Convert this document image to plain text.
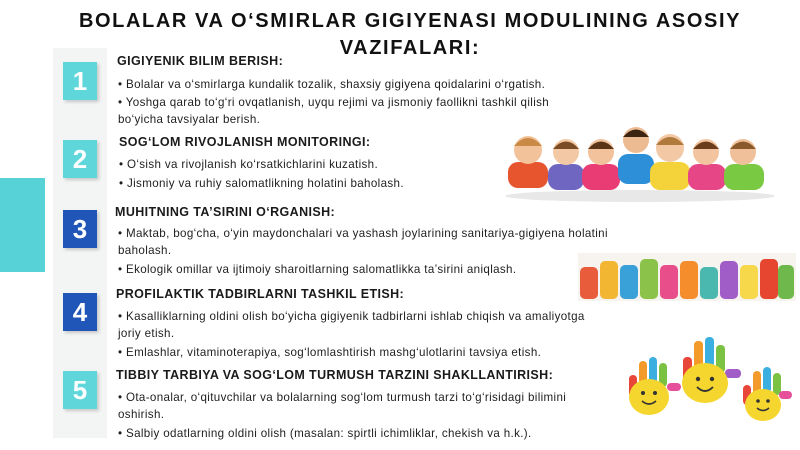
BOLALAR VA O‘SMIRLAR GIGIYENASI MODULINING ASOSIY
VAZIFALARI:
1
2
3
4
5
GIGIYENIK BILIM BERISH:
• Bolalar va o‘smirlarga kundalik tozalik, shaxsiy gigiyena qoidalarini o‘rgatish.
• Yoshga qarab to‘g‘ri ovqatlanish, uyqu rejimi va jismoniy faollikni tashkil qilish bo‘yicha tavsiyalar berish.
SOG‘LOM RIVOJLANISH MONITORINGI:
• O‘sish va rivojlanish ko‘rsatkichlarini kuzatish.
• Jismoniy va ruhiy salomatlikning holatini baholash.
MUHITNING TA’SIRINI O‘RGANISH:
• Maktab, bog‘cha, o‘yin maydonchalari va yashash joylarining sanitariya-gigiyena holatini baholash.
• Ekologik omillar va ijtimoiy sharoitlarning salomatlikka ta’sirini aniqlash.
PROFILAKTIK TADBIRLARNI TASHKIL ETISH:
• Kasalliklarning oldini olish bo‘yicha gigiyenik tadbirlarni ishlab chiqish va amaliyotga joriy etish.
• Emlashlar, vitaminoterapiya, sog‘lomlashtirish mashg‘ulotlarini tavsiya etish.
TIBBIY TARBIYA VA SOG‘LOM TURMUSH TARZINI SHAKLLANTIRISH:
• Ota-onalar, o‘qituvchilar va bolalarning sog‘lom turmush tarzi to‘g‘risidagi bilimini oshirish.
• Salbiy odatlarning oldini olish (masalan: spirtli ichimliklar, chekish va h.k.).
